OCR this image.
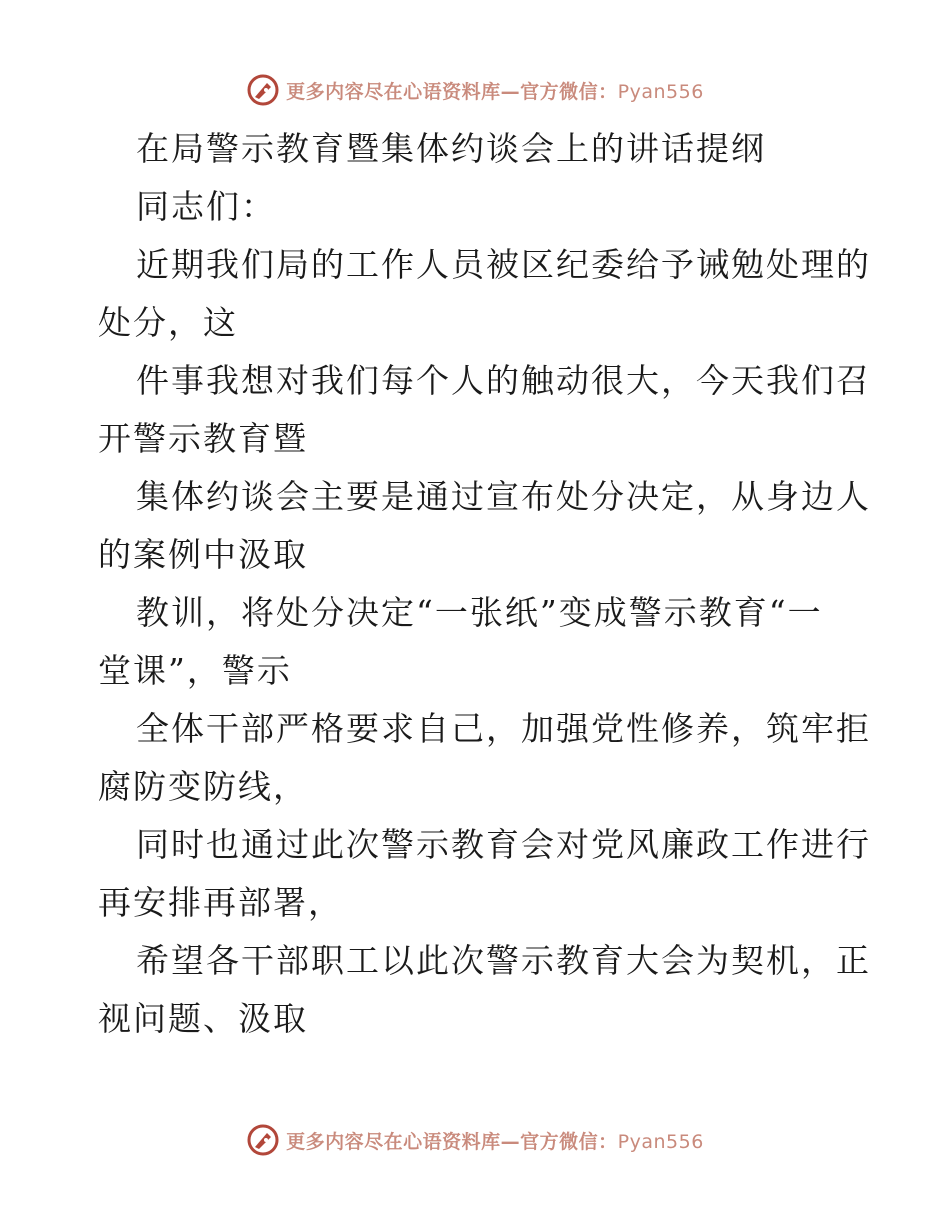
更多内容尽在心语资料库—官方微信：Pyan556
在局警示教育暨集体约谈会上的讲话提纲
同志们：
近期我们局的工作人员被区纪委给予诫勉处理的
处分，这
件事我想对我们每个人的触动很大，今天我们召
开警示教育暨
集体约谈会主要是通过宣布处分决定，从身边人
的案例中汲取
教训，将处分决定“一张纸”变成警示教育“一
堂课”，警示
全体干部严格要求自己，加强党性修养，筑牢拒
腐防变防线，
同时也通过此次警示教育会对党风廉政工作进行
再安排再部署，
希望各干部职工以此次警示教育大会为契机，正
视问题、汲取
更多内容尽在心语资料库—官方微信：Pyan556
